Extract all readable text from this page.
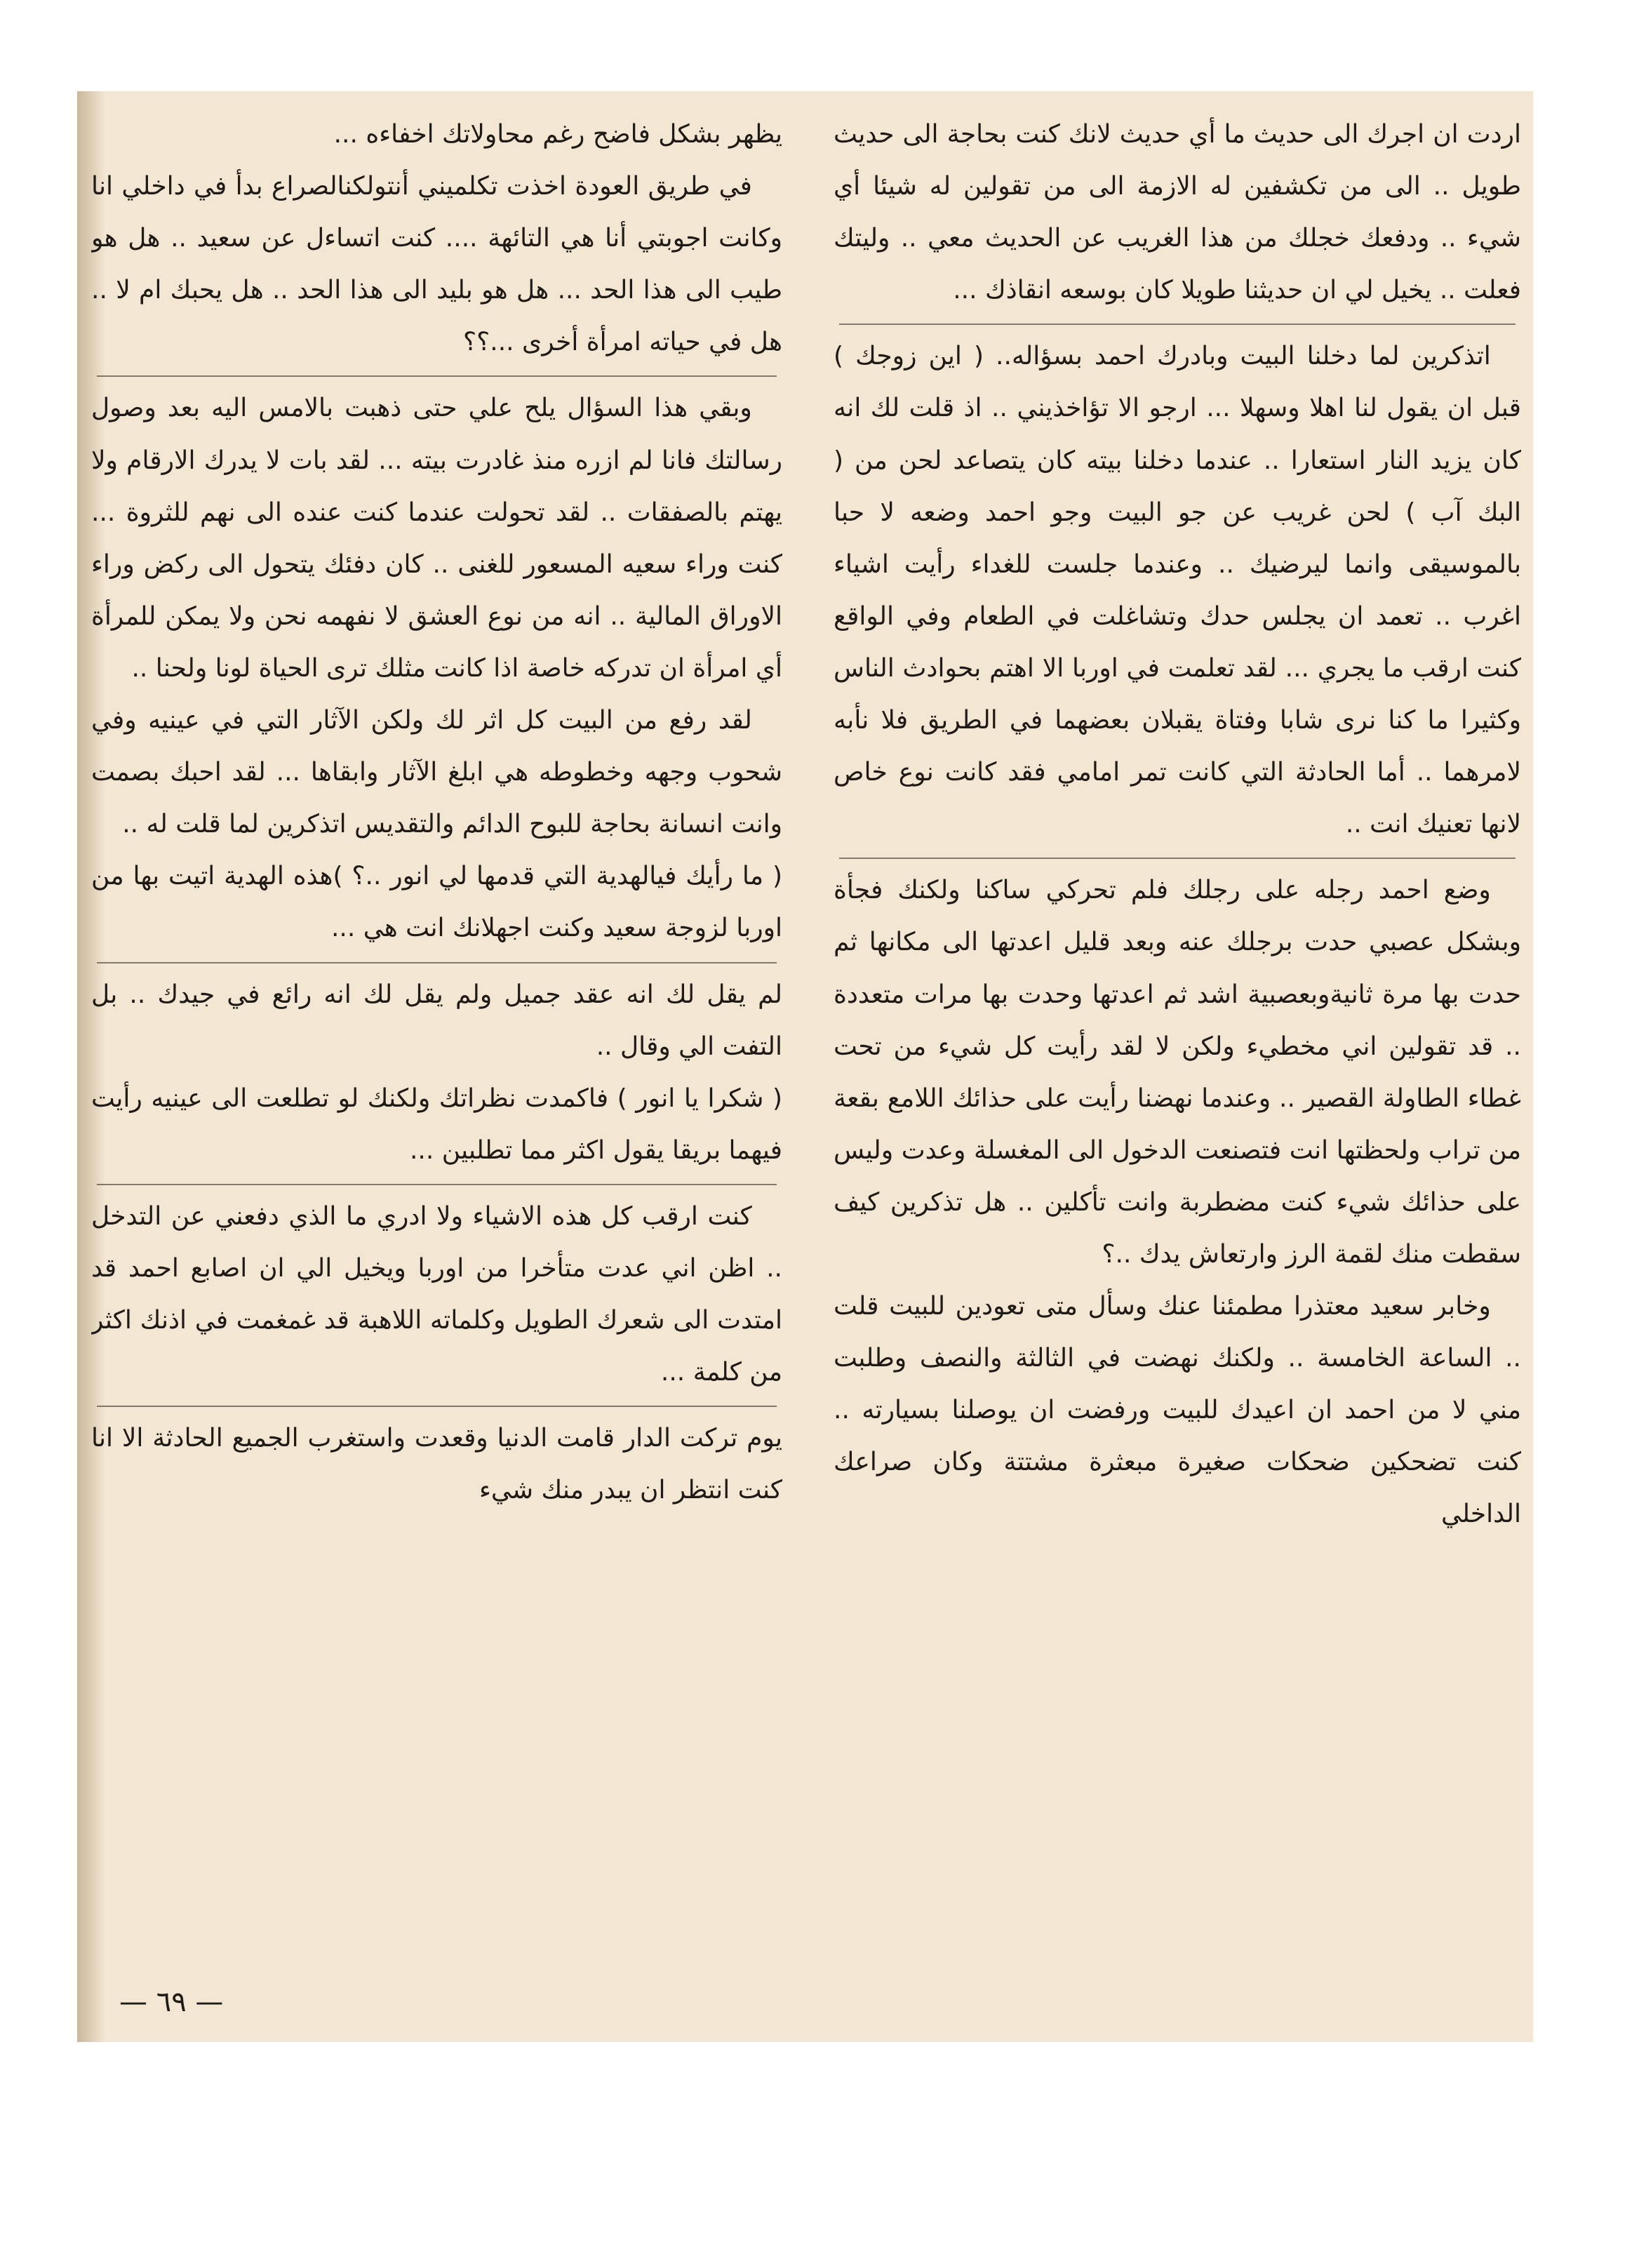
اردت ان اجرك الى حديث ما أي حديث لانك كنت بحاجة الى حديث طويل .. الى من تكشفين له الازمة الى من تقولين له شيئا أي شيء .. ودفعك خجلك من هذا الغريب عن الحديث معي .. وليتك فعلت .. يخيل لي ان حديثنا طويلا كان بوسعه انقاذك ...

اتذكرين لما دخلنا البيت وبادرك احمد بسؤاله.. ( اين زوجك ) قبل ان يقول لنا اهلا وسهلا ... ارجو الا تؤاخذيني .. اذ قلت لك انه كان يزيد النار استعارا .. عندما دخلنا بيته كان يتصاعد لحن من ( البك آب ) لحن غريب عن جو البيت وجو احمد وضعه لا حبا بالموسيقى وانما ليرضيك .. وعندما جلست للغداء رأيت اشياء اغرب .. تعمد ان يجلس حدك وتشاغلت في الطعام وفي الواقع كنت ارقب ما يجري ... لقد تعلمت في اوربا الا اهتم بحوادث الناس وكثيرا ما كنا نرى شابا وفتاة يقبلان بعضهما في الطريق فلا نأبه لامرهما .. أما الحادثة التي كانت تمر امامي فقد كانت نوع خاص لانها تعنيك انت ..

وضع احمد رجله على رجلك فلم تحركي ساكنا ولكنك فجأة وبشكل عصبي حدت برجلك عنه وبعد قليل اعدتها الى مكانها ثم حدت بها مرة ثانيةوبعصبية اشد ثم اعدتها وحدت بها مرات متعددة .. قد تقولين اني مخطيء ولكن لا لقد رأيت كل شيء من تحت غطاء الطاولة القصير .. وعندما نهضنا رأيت على حذائك اللامع بقعة من تراب ولحظتها انت فتصنعت الدخول الى المغسلة وعدت وليس على حذائك شيء كنت مضطربة وانت تأكلين .. هل تذكرين كيف سقطت منك لقمة الرز وارتعاش يدك ..؟

وخابر سعيد معتذرا مطمئنا عنك وسأل متى تعودين للبيت قلت .. الساعة الخامسة .. ولكنك نهضت في الثالثة والنصف وطلبت مني لا من احمد ان اعيدك للبيت ورفضت ان يوصلنا بسيارته .. كنت تضحكين ضحكات صغيرة مبعثرة مشتتة وكان صراعك الداخلي

يظهر بشكل فاضح رغم محاولاتك اخفاءه ...

في طريق العودة اخذت تكلميني أنتولكنالصراع بدأ في داخلي انا وكانت اجوبتي أنا هي التائهة .... كنت اتساءل عن سعيد .. هل هو طيب الى هذا الحد ... هل هو بليد الى هذا الحد .. هل يحبك ام لا .. هل في حياته امرأة أخرى ...؟؟

وبقي هذا السؤال يلح علي حتى ذهبت بالامس اليه بعد وصول رسالتك فانا لم ازره منذ غادرت بيته ... لقد بات لا يدرك الارقام ولا يهتم بالصفقات .. لقد تحولت عندما كنت عنده الى نهم للثروة ... كنت وراء سعيه المسعور للغنى .. كان دفئك يتحول الى ركض وراء الاوراق المالية .. انه من نوع العشق لا نفهمه نحن ولا يمكن للمرأة أي امرأة ان تدركه خاصة اذا كانت مثلك ترى الحياة لونا ولحنا ..

لقد رفع من البيت كل اثر لك ولكن الآثار التي في عينيه وفي شحوب وجهه وخطوطه هي ابلغ الآثار وابقاها ... لقد احبك بصمت وانت انسانة بحاجة للبوح الدائم والتقديس اتذكرين لما قلت له ..

( ما رأيك فيالهدية التي قدمها لي انور ..؟ )هذه الهدية اتيت بها من اوربا لزوجة سعيد وكنت اجهلانك انت هي ...

لم يقل لك انه عقد جميل ولم يقل لك انه رائع في جيدك .. بل التفت الي وقال ..

( شكرا يا انور ) فاكمدت نظراتك ولكنك لو تطلعت الى عينيه رأيت فيهما بريقا يقول اكثر مما تطلبين ...

كنت ارقب كل هذه الاشياء ولا ادري ما الذي دفعني عن التدخل .. اظن اني عدت متأخرا من اوربا ويخيل الي ان اصابع احمد قد امتدت الى شعرك الطويل وكلماته اللاهبة قد غمغمت في اذنك اكثر من كلمة ...

يوم تركت الدار قامت الدنيا وقعدت واستغرب الجميع الحادثة الا انا كنت انتظر ان يبدر منك شيء

— ٦٩ —
